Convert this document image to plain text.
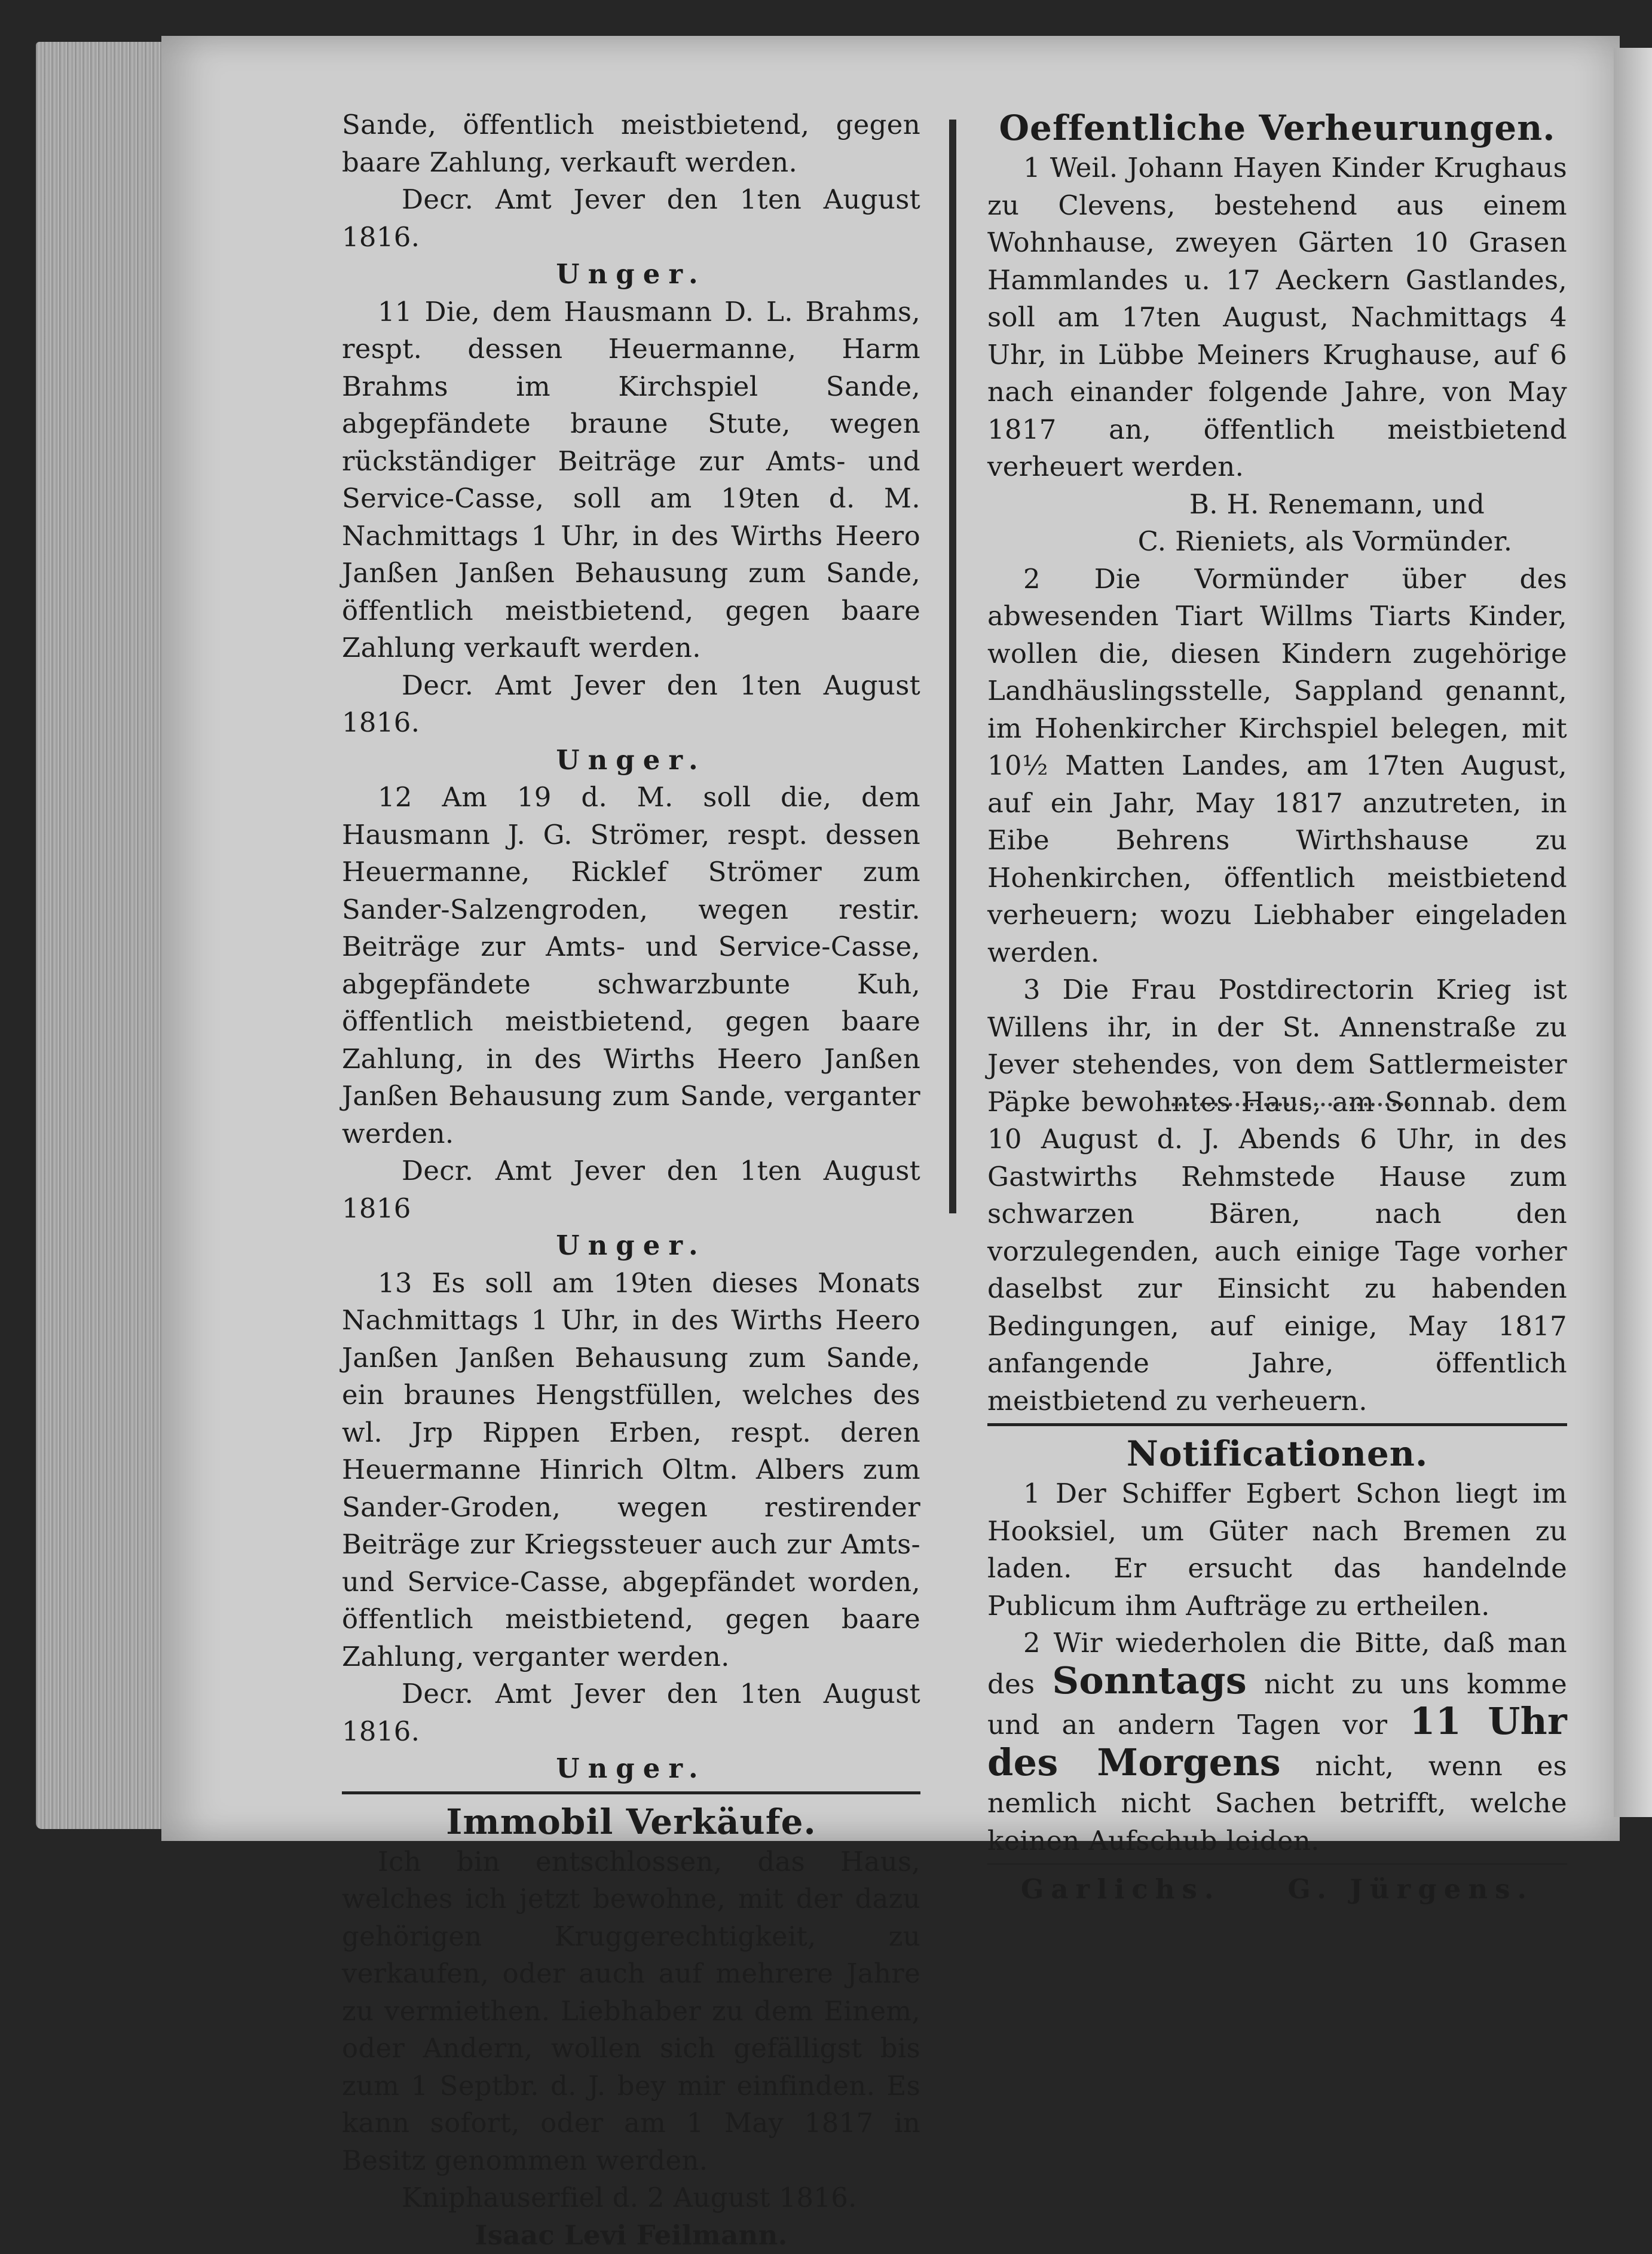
Sande, öffentlich meistbietend, gegen baare Zahlung, verkauft werden.

Decr. Amt Jever den 1ten August 1816.

Unger.

11 Die, dem Hausmann D. L. Brahms, respt. dessen Heuermanne, Harm Brahms im Kirchspiel Sande, abgepfändete braune Stute, wegen rückständiger Beiträge zur Amts- und Service-Casse, soll am 19ten d. M. Nachmittags 1 Uhr, in des Wirths Heero Janßen Janßen Behausung zum Sande, öffentlich meistbietend, gegen baare Zahlung verkauft werden.

Decr. Amt Jever den 1ten August 1816.

Unger.

12 Am 19 d. M. soll die, dem Hausmann J. G. Strömer, respt. dessen Heuermanne, Ricklef Strömer zum Sander-Salzengroden, wegen restir. Beiträge zur Amts- und Service-Casse, abgepfändete schwarzbunte Kuh, öffentlich meistbietend, gegen baare Zahlung, in des Wirths Heero Janßen Janßen Behausung zum Sande, verganter werden.

Decr. Amt Jever den 1ten August 1816

Unger.

13 Es soll am 19ten dieses Monats Nachmittags 1 Uhr, in des Wirths Heero Janßen Janßen Behausung zum Sande, ein braunes Hengstfüllen, welches des wl. Jrp Rippen Erben, respt. deren Heuermanne Hinrich Oltm. Albers zum Sander-Groden, wegen restirender Beiträge zur Kriegssteuer auch zur Amts- und Service-Casse, abgepfändet worden, öffentlich meistbietend, gegen baare Zahlung, verganter werden.

Decr. Amt Jever den 1ten August 1816.

Unger.

Immobil Verkäufe.

Ich bin entschlossen, das Haus, welches ich jetzt bewohne, mit der dazu gehörigen Kruggerechtigkeit, zu verkaufen, oder auch auf mehrere Jahre zu vermiethen. Liebhaber zu dem Einem, oder Andern, wollen sich gefälligst bis zum 1 Septbr. d. J. bey mir einfinden. Es kann sofort, oder am 1 May 1817 in Besitz genommen werden.

Kniphauserfiel d. 2 August 1816.

Isaac Levi Feilmann.

Oeffentliche Verheurungen.

1 Weil. Johann Hayen Kinder Krughaus zu Clevens, bestehend aus einem Wohnhause, zweyen Gärten 10 Grasen Hammlandes u. 17 Aeckern Gastlandes, soll am 17ten August, Nachmittags 4 Uhr, in Lübbe Meiners Krughause, auf 6 nach einander folgende Jahre, von May 1817 an, öffentlich meistbietend verheuert werden.

B. H. Renemann, und

C. Rieniets, als Vormünder.

2 Die Vormünder über des abwesenden Tiart Willms Tiarts Kinder, wollen die, diesen Kindern zugehörige Landhäuslingsstelle, Sappland genannt, im Hohenkircher Kirchspiel belegen, mit 10½ Matten Landes, am 17ten August, auf ein Jahr, May 1817 anzutreten, in Eibe Behrens Wirthshause zu Hohenkirchen, öffentlich meistbietend verheuern; wozu Liebhaber eingeladen werden.

3 Die Frau Postdirectorin Krieg ist Willens ihr, in der St. Annenstraße zu Jever stehendes, von dem Sattlermeister Päpke bewohntes Haus, am Sonnab. dem 10 August d. J. Abends 6 Uhr, in des Gastwirths Rehmstede Hause zum schwarzen Bären, nach den vorzulegenden, auch einige Tage vorher daselbst zur Einsicht zu habenden Bedingungen, auf einige, May 1817 anfangende Jahre, öffentlich meistbietend zu verheuern.

Notificationen.

1 Der Schiffer Egbert Schon liegt im Hooksiel, um Güter nach Bremen zu laden. Er ersucht das handelnde Publicum ihm Aufträge zu ertheilen.

2 Wir wiederholen die Bitte, daß man des Sonntags nicht zu uns komme und an andern Tagen vor 11 Uhr des Morgens nicht, wenn es nemlich nicht Sachen betrifft, welche keinen Aufschub leiden.

Garlichs. G. Jürgens.
